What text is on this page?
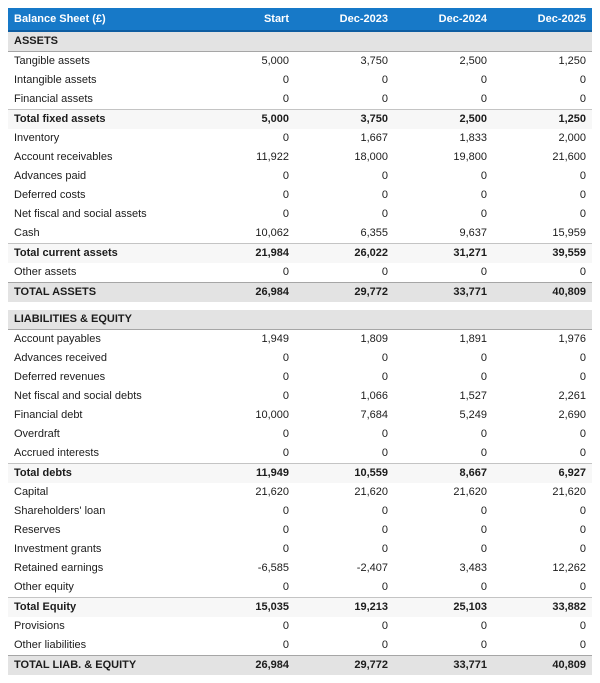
Balance Sheet (£)	Start	Dec-2023	Dec-2024	Dec-2025
ASSETS				
Tangible assets	5,000	3,750	2,500	1,250
Intangible assets	0	0	0	0
Financial assets	0	0	0	0
Total fixed assets	5,000	3,750	2,500	1,250
Inventory	0	1,667	1,833	2,000
Account receivables	11,922	18,000	19,800	21,600
Advances paid	0	0	0	0
Deferred costs	0	0	0	0
Net fiscal and social assets	0	0	0	0
Cash	10,062	6,355	9,637	15,959
Total current assets	21,984	26,022	31,271	39,559
Other assets	0	0	0	0
TOTAL ASSETS	26,984	29,772	33,771	40,809

LIABILITIES & EQUITY				
Account payables	1,949	1,809	1,891	1,976
Advances received	0	0	0	0
Deferred revenues	0	0	0	0
Net fiscal and social debts	0	1,066	1,527	2,261
Financial debt	10,000	7,684	5,249	2,690
Overdraft	0	0	0	0
Accrued interests	0	0	0	0
Total debts	11,949	10,559	8,667	6,927
Capital	21,620	21,620	21,620	21,620
Shareholders' loan	0	0	0	0
Reserves	0	0	0	0
Investment grants	0	0	0	0
Retained earnings	-6,585	-2,407	3,483	12,262
Other equity	0	0	0	0
Total Equity	15,035	19,213	25,103	33,882
Provisions	0	0	0	0
Other liabilities	0	0	0	0
TOTAL LIAB. & EQUITY	26,984	29,772	33,771	40,809
